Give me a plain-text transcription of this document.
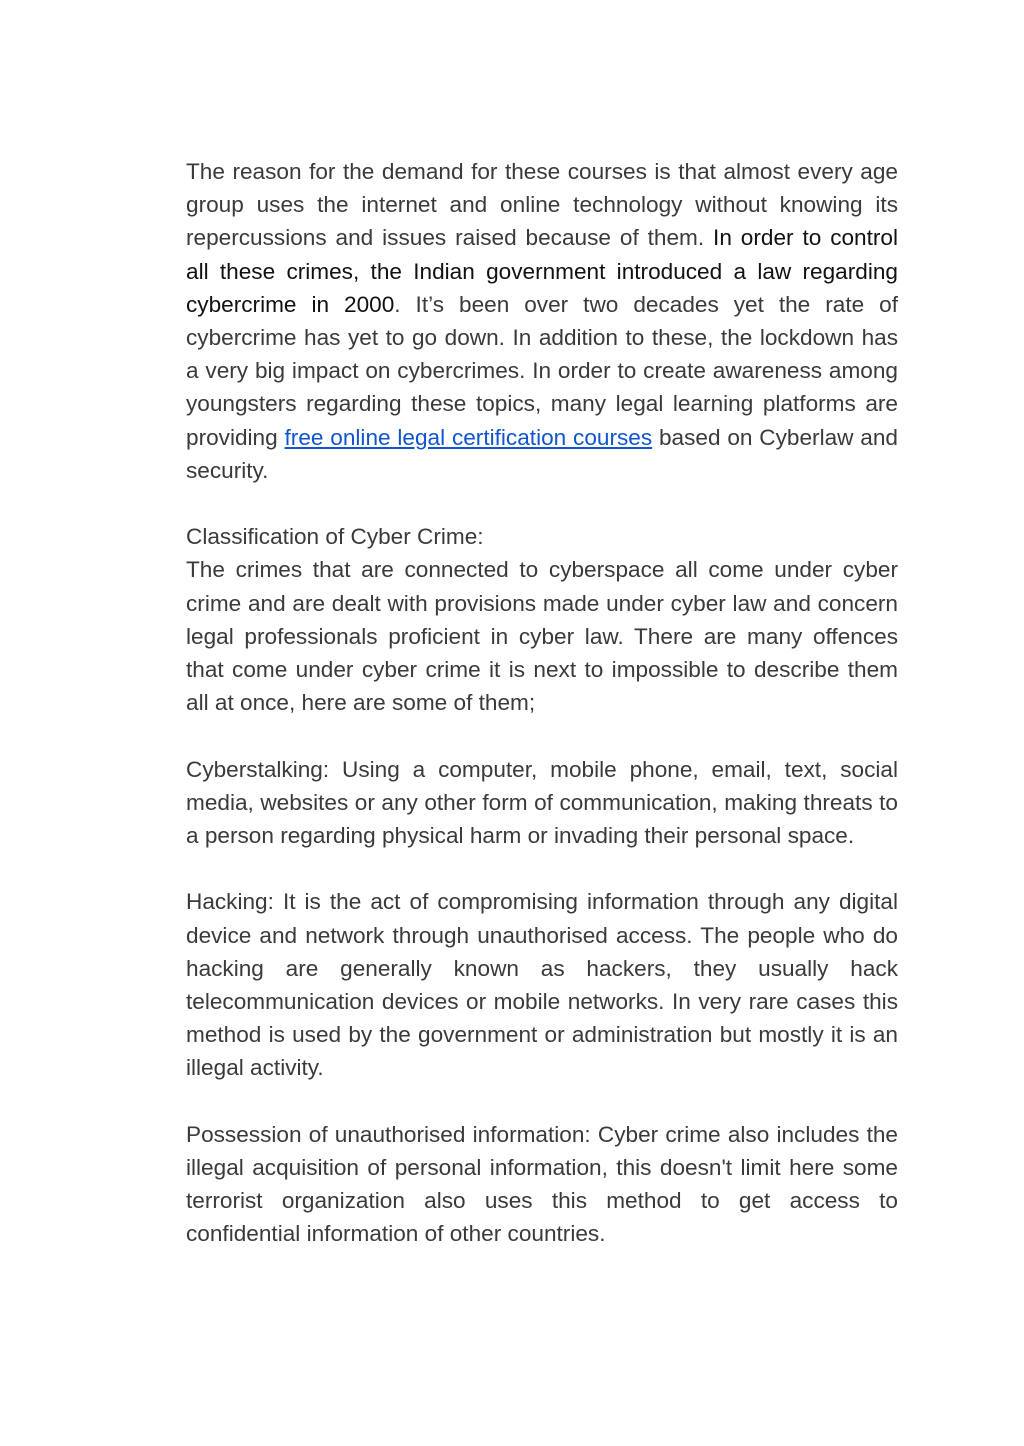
The reason for the demand for these courses is that almost every age group uses the internet and online technology without knowing its repercussions and issues raised because of them. In order to control all these crimes, the Indian government introduced a law regarding cybercrime in 2000. It’s been over two decades yet the rate of cybercrime has yet to go down. In addition to these, the lockdown has a very big impact on cybercrimes. In order to create awareness among youngsters regarding these topics, many legal learning platforms are providing free online legal certification courses based on Cyberlaw and security.

Classification of Cyber Crime:

The crimes that are connected to cyberspace all come under cyber crime and are dealt with provisions made under cyber law and concern legal professionals proficient in cyber law. There are many offences that come under cyber crime it is next to impossible to describe them all at once, here are some of them;

Cyberstalking: Using a computer, mobile phone, email, text, social media, websites or any other form of communication, making threats to a person regarding physical harm or invading their personal space.

Hacking: It is the act of compromising information through any digital device and network through unauthorised access. The people who do hacking are generally known as hackers, they usually hack telecommunication devices or mobile networks. In very rare cases this method is used by the government or administration but mostly it is an illegal activity.

Possession of unauthorised information: Cyber crime also includes the illegal acquisition of personal information, this doesn't limit here some terrorist organization also uses this method to get access to confidential information of other countries.
